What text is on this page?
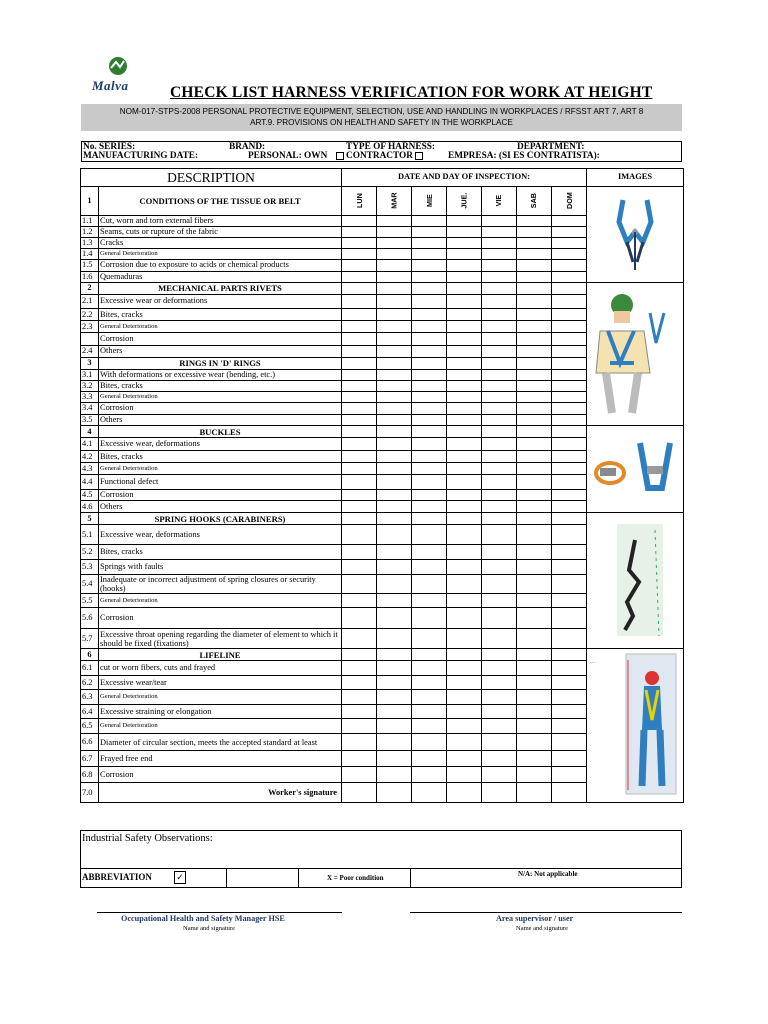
Malva	CHECK LIST HARNESS VERIFICATION FOR WORK AT HEIGHT
NOM-017-STPS-2008 PERSONAL PROTECTIVE EQUIPMENT, SELECTION, USE AND HANDLING IN WORKPLACES / RFSST ART 7, ART 8
ART.9. PROVISIONS ON HEALTH AND SAFETY IN THE WORKPLACE
No. SERIES:	BRAND:	TYPE OF HARNESS:	DEPARTMENT:
MANUFACTURING DATE:	PERSONAL: OWN	CONTRACTOR	EMPRESA: (SI ES CONTRATISTA):
DESCRIPTION		DATE AND DAY OF INSPECTION:							IMAGES
1	CONDITIONS OF THE TISSUE OR BELT	LUN	MAR	MIE	JUE.	VIE	SAB	DOM	
1.1	Cut, worn and torn external fibers								
1.2	Seams, cuts or rupture of the fabric								
1.3	Cracks								
1.4	General Deterioration								
1.5	Corrosion due to exposure to acids or chemical products								
1.6	Quemaduras								
2	MECHANICAL PARTS RIVETS								
2.1	Excessive wear or deformations								
2.2	Bites, cracks								
2.3	General Deterioration								
	Corrosion								
2.4	Others								
3	RINGS IN 'D' RINGS								
3.1	With deformations or excessive wear (bending, etc.)								
3.2	Bites, cracks								
3.3	General Deterioration								
3.4	Corrosion								
3.5	Others								
4	BUCKLES								
4.1	Excessive wear, deformations								
4.2	Bites, cracks								
4.3	General Deterioration								
4.4	Functional defect								
4.5	Corrosion								
4.6	Others								
5	SPRING HOOKS (CARABINERS)								
5.1	Excessive wear, deformations								
5.2	Bites, cracks								
5.3	Springs with faults								
5.4	Inadequate or incorrect adjustment of spring closures or security (hooks)								
5.5	General Deterioration								
5.6	Corrosion								
5.7	Excessive throat opening regarding the diameter of element to which it should be fixed (fixations)								
6	LIFELINE								—

6.1	cut or worn fibers, cuts and frayed								
6.2	Excessive wear/tear								
6.3	General Deterioration								
6.4	Excessive straining or elongation								
6.5	General Deterioration								
6.6	Diameter of circular section, meets the accepted standard at least								
6.7	Frayed free end								
6.8	Corrosion								
7.0	Worker's signature								
Industrial Safety Observations:
ABBREVIATION	✓	X = Poor condition	N/A: Not applicable
Occupational Health and Safety Manager HSE
Name and signature
Area supervisor / user
Name and signature
